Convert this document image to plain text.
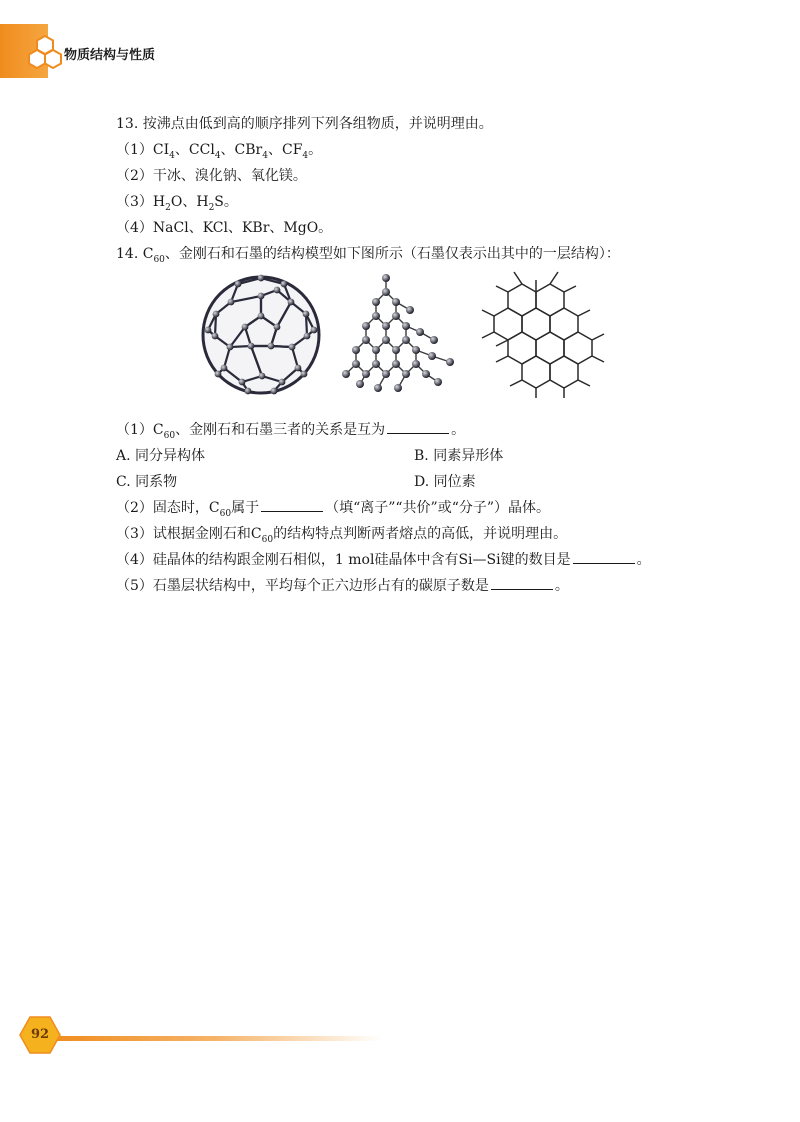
物质结构与性质
13. 按沸点由低到高的顺序排列下列各组物质，并说明理由。
$(1)CI_4$、CCl$_4$、CBr$_4$、$CF_4$。
（2）干冰、溴化钠、氧化镁。
$(3)H_2O$、$H_2S$。
（4）NaCl、KCl、KBr、MgO。
14. $C_{60}$、金刚石和石墨的结构模型如下图所示（石墨仅表示出其中的一层结构）：
$(1)C_{60}$、金刚石和石墨三者的关系是互为	。
A. 同分异构体	B. 同素异形体
C. 同系物	D. 同位素
（2）固态时，$C_{60}$属于	（填“离子”“共价”或“分子”）晶体。
（3）试根据金刚石和$C_{60}$的结构特点判断两者熔点的高低，并说明理由。
（4）硅晶体的结构跟金刚石相似，1 mol硅晶体中含有Si—Si键的数目是	。
（5）石墨层状结构中，平均每个正六边形占有的碳原子数是	。
92
